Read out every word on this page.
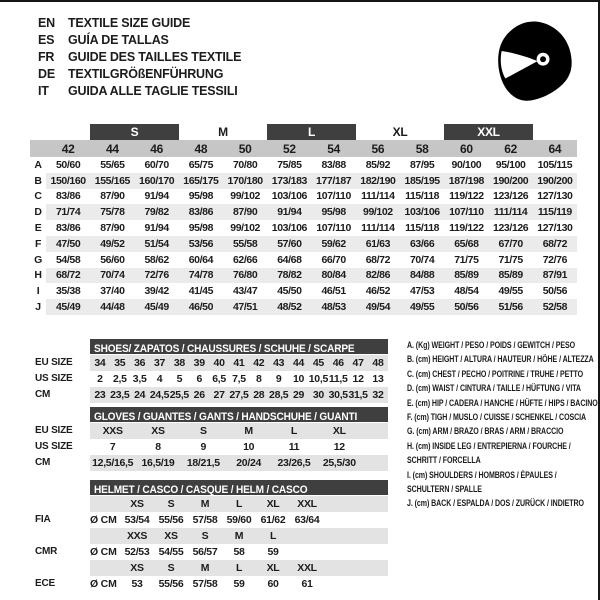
EN	TEXTILE SIZE GUIDE
ES	GUÍA DE TALLAS
FR	GUIDE DES TAILLES TEXTILE
DE	TEXTILGRÖßENFÜHRUNG
IT	GUIDA ALLE TAGLIE TESSILI
		S		M		L		XL		XXL		
	42	44	46	48	50	52	54	56	58	60	62	64
A	50/60	55/65	60/70	65/75	70/80	75/85	83/88	85/92	87/95	90/100	95/100	105/115
B	150/160	155/165	160/170	165/175	170/180	173/183	177/187	182/190	185/195	187/198	190/200	190/200
C	83/86	87/90	91/94	95/98	99/102	103/106	107/110	111/114	115/118	119/122	123/126	127/130
D	71/74	75/78	79/82	83/86	87/90	91/94	95/98	99/102	103/106	107/110	111/114	115/119
E	83/86	87/90	91/94	95/98	99/102	103/106	107/110	111/114	115/118	119/122	123/126	127/130
F	47/50	49/52	51/54	53/56	55/58	57/60	59/62	61/63	63/66	65/68	67/70	68/72
G	54/58	56/60	58/62	60/64	62/66	64/68	66/70	68/72	70/74	71/75	71/75	72/76
H	68/72	70/74	72/76	74/78	76/80	78/82	80/84	82/86	84/88	85/89	85/89	87/91
I	35/38	37/40	39/42	41/45	43/47	45/50	46/51	46/52	47/53	48/54	49/55	50/56
J	45/49	44/48	45/49	46/50	47/51	48/52	48/53	49/54	49/55	50/56	51/56	52/58
SHOES/ ZAPATOS / CHAUSSURES / SCHUHE / SCARPE
EU SIZE	34 35 36 37 38 39 40 41 42 43 44 45 46 47 48
US SIZE	2 2,5 3,5 4	5	6 6,5 7,5 8	9	10 10,5 11,5 12 13
CM	23 23,5 24 24,5 25,5 26 27 27,5 28 28,5 29 30 30,5 31,5 32
GLOVES / GUANTES / GANTS / HANDSCHUHE / GUANTI
EU SIZE	XXS	XS	S	M	L	XL
US SIZE	7	8	9	10	11	12
CM	12,5/16,5 16,5/19	18/21,5	20/24	23/26,5	25,5/30
HELMET / CASCO / CASQUE / HELM / CASCO
XS	S	M	L	XL	XXL
FIA	Ø CM 53/54 55/56 57/58 59/60 61/62 63/64
XXS	XS	S	M	L
CMR	Ø CM 52/53 54/55 56/57	58	59
XS	S	M	L	XL	XXL
ECE	Ø CM	53	55/56 57/58	59	60	61
A. (Kg) WEIGHT / PESO / POIDS / GEWITCH / PESO
B. (cm) HEIGHT / ALTURA / HAUTEUR / HÖHE / ALTEZZA
C. (cm) CHEST / PECHO / POITRINE / TRUHE / PETTO
D. (cm) WAIST / CINTURA / TAILLE / HÜFTUNG / VITA
E. (cm) HIP / CADERA / HANCHE / HÜFTE / HIPS / BACINO
F. (cm) TIGH / MUSLO / CUISSE / SCHENKEL / COSCIA
G. (cm) ARM / BRAZO / BRAS / ARM / BRACCIO
H. (cm) INSIDE LEG / ENTREPIERNA / FOURCHE /
SCHRITT / FORCELLA
I. (cm) SHOULDERS / HOMBROS / ÉPAULES /
SCHULTERN / SPALLE
J. (cm) BACK / ESPALDA / DOS / ZURÜCK / INDIETRO
